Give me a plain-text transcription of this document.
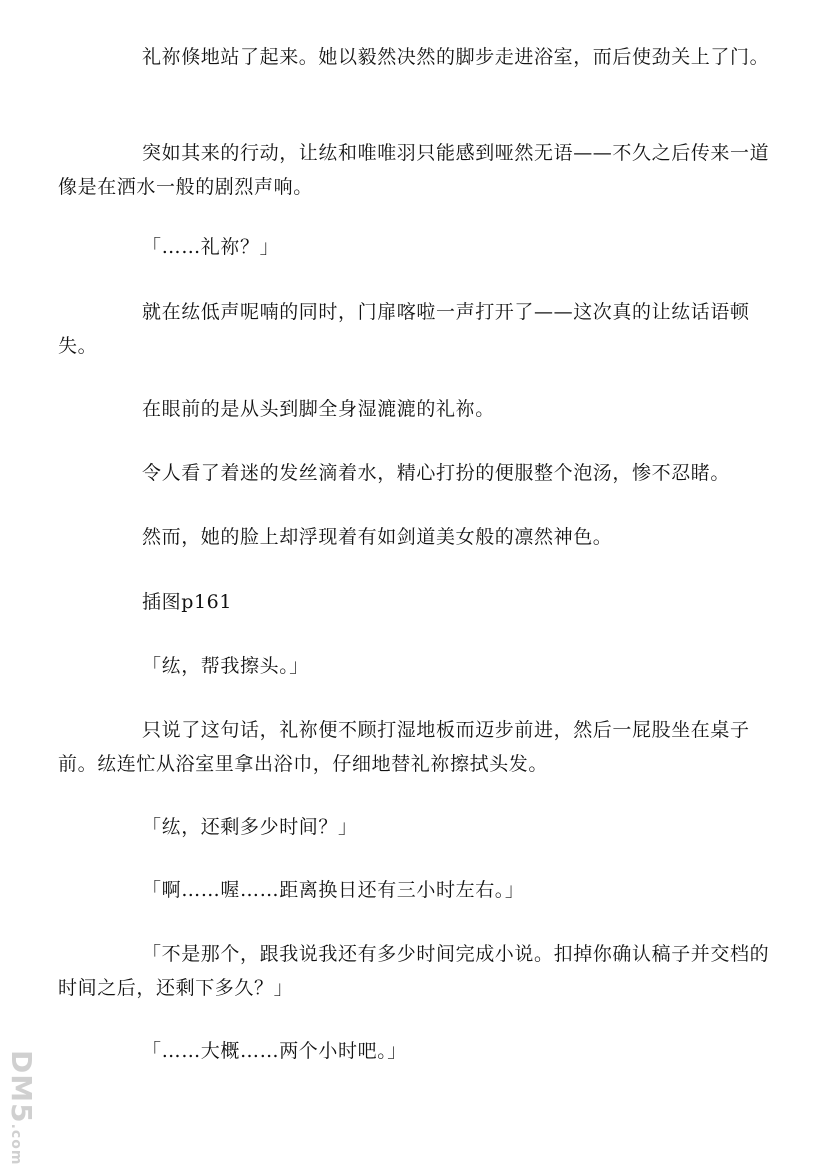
礼祢倏地站了起来。她以毅然决然的脚步走进浴室，而后使劲关上了门。

突如其来的行动，让纮和唯唯羽只能感到哑然无语——不久之后传来一道像是在洒水一般的剧烈声响。

「……礼祢？」

就在纮低声呢喃的同时，门扉喀啦一声打开了——这次真的让纮话语顿失。

在眼前的是从头到脚全身湿漉漉的礼祢。

令人看了着迷的发丝滴着水，精心打扮的便服整个泡汤，惨不忍睹。

然而，她的脸上却浮现着有如剑道美女般的凛然神色。

插图p161

「纮，帮我擦头。」

只说了这句话，礼祢便不顾打湿地板而迈步前进，然后一屁股坐在桌子前。纮连忙从浴室里拿出浴巾，仔细地替礼祢擦拭头发。

「纮，还剩多少时间？」

「啊……喔……距离换日还有三小时左右。」

「不是那个，跟我说我还有多少时间完成小说。扣掉你确认稿子并交档的时间之后，还剩下多久？」

「……大概……两个小时吧。」

DM5.com
